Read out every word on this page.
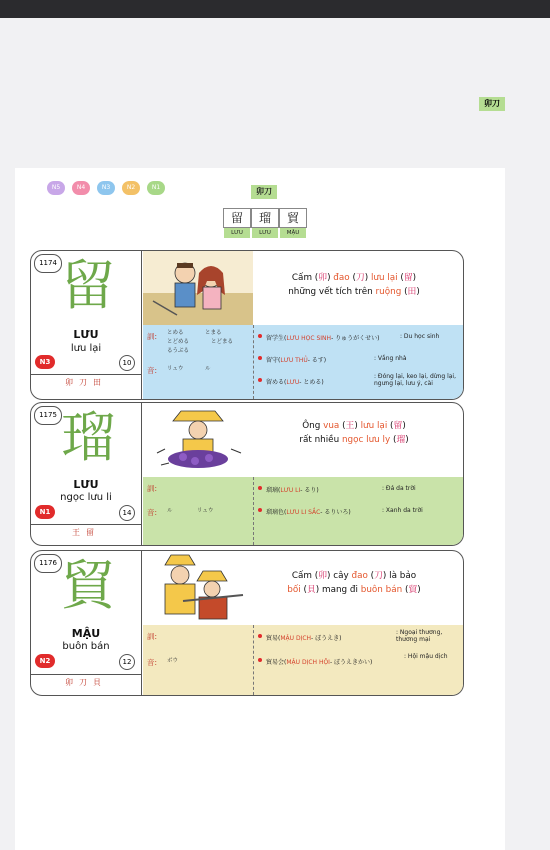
N5	N4	N3	N2	N1	卯刀
留	瑠	貿
LƯU	LƯU	MẬU
卯刀
1174 留
LƯU
lưu lại
N3	10
卯刀田
Cấm (卯) đao (刀) lưu lại (留)
những vết tích trên ruộng (田)
訓: とめる	とまる
とどめる	とどまる
るうぶる
音: リュウ	ル
留学生(LƯU HỌC SINH- りゅうがくせい)	: Du học sinh
留守(LƯU THỦ- るす)	: Vắng nhà
留める(LƯU- とめる)
: Đóng lại, keo lại, dừng lại, ngưng lại, lưu ý, cài
1175 瑠
LƯU
ngọc lưu li
N1	14
王留
Ông vua (王) lưu lại (留)
rất nhiều ngọc lưu ly (瑠)
訓:
音: ル	リュウ
瑠璃(LƯU LI- るり)	: Đá da trời
瑠璃色(LƯU LI SẮC- るりいろ)	: Xanh da trời
1176 貿
MẬU
buôn bán
N2	12
卯刀貝
Cấm (卯) cây đao (刀) là bảo
bối (貝) mang đi buôn bán (貿)
訓:
音: ボウ
貿易(MẬU DỊCH- ぼうえき)
: Ngoại thương, thương mại
貿易会(MẬU DỊCH HỘI- ぼうえきかい)
: Hội mậu dịch
